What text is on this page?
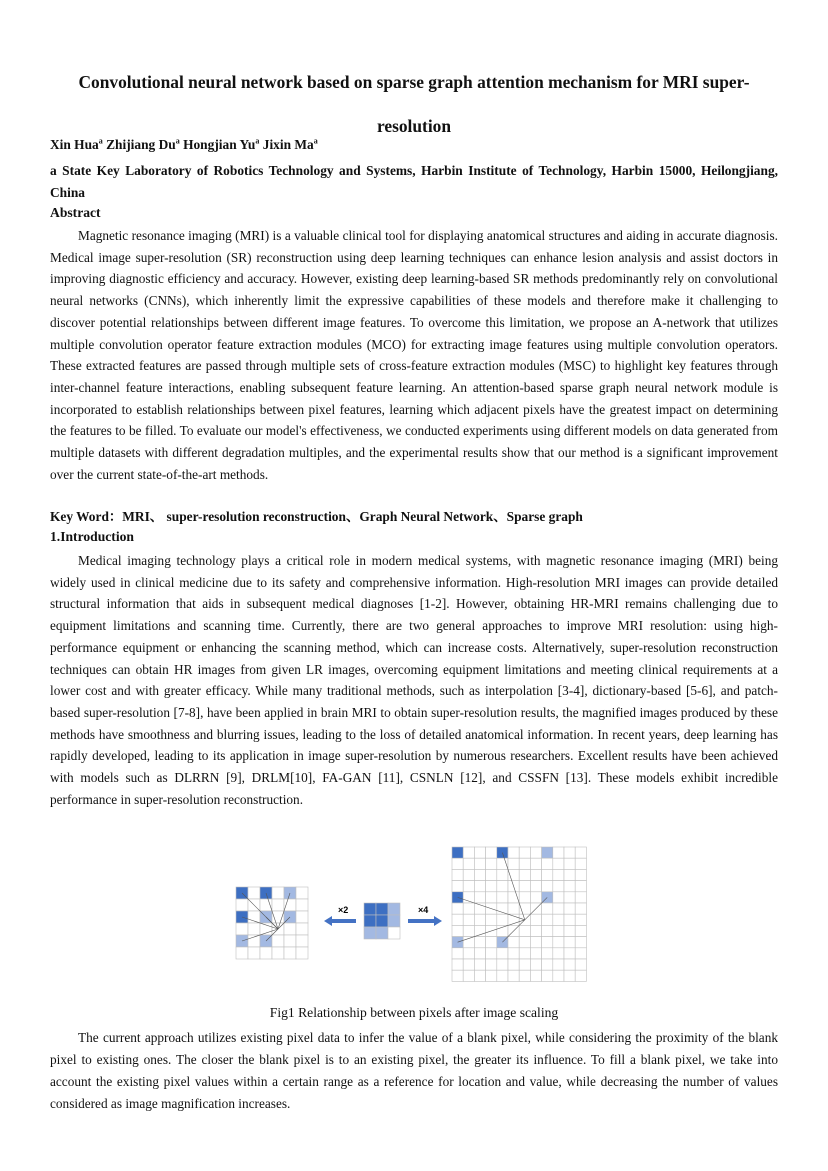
Convolutional neural network based on sparse graph attention mechanism for MRI super-resolution
Xin Hua$^a$ Zhijiang Du$^a$ Hongjian Yu$^a$ Jixin Ma$^a$
a State Key Laboratory of Robotics Technology and Systems, Harbin Institute of Technology, Harbin 15000, Heilongjiang, China
Abstract
Magnetic resonance imaging (MRI) is a valuable clinical tool for displaying anatomical structures and aiding in accurate diagnosis. Medical image super-resolution (SR) reconstruction using deep learning techniques can enhance lesion analysis and assist doctors in improving diagnostic efficiency and accuracy. However, existing deep learning-based SR methods predominantly rely on convolutional neural networks (CNNs), which inherently limit the expressive capabilities of these models and therefore make it challenging to discover potential relationships between different image features. To overcome this limitation, we propose an A-network that utilizes multiple convolution operator feature extraction modules (MCO) for extracting image features using multiple convolution operators. These extracted features are passed through multiple sets of cross-feature extraction modules (MSC) to highlight key features through inter-channel feature interactions, enabling subsequent feature learning. An attention-based sparse graph neural network module is incorporated to establish relationships between pixel features, learning which adjacent pixels have the greatest impact on determining the features to be filled. To evaluate our model's effectiveness, we conducted experiments using different models on data generated from multiple datasets with different degradation multiples, and the experimental results show that our method is a significant improvement over the current state-of-the-art methods.
Key Word：MRI、 super-resolution reconstruction、Graph Neural Network、Sparse graph
1.Introduction
Medical imaging technology plays a critical role in modern medical systems, with magnetic resonance imaging (MRI) being widely used in clinical medicine due to its safety and comprehensive information. High-resolution MRI images can provide detailed structural information that aids in subsequent medical diagnoses [1-2]. However, obtaining HR-MRI remains challenging due to equipment limitations and scanning time. Currently, there are two general approaches to improve MRI resolution: using high-performance equipment or enhancing the scanning method, which can increase costs. Alternatively, super-resolution reconstruction techniques can obtain HR images from given LR images, overcoming equipment limitations and meeting clinical requirements at a lower cost and with greater efficacy. While many traditional methods, such as interpolation [3-4], dictionary-based [5-6], and patch-based super-resolution [7-8], have been applied in brain MRI to obtain super-resolution results, the magnified images produced by these methods have smoothness and blurring issues, leading to the loss of detailed anatomical information. In recent years, deep learning has rapidly developed, leading to its application in image super-resolution by numerous researchers. Excellent results have been achieved with models such as DLRRN [9], DRLM[10], FA-GAN [11], CSNLN [12], and CSSFN [13]. These models exhibit incredible performance in super-resolution reconstruction.
×2	×4
Fig1 Relationship between pixels after image scaling
The current approach utilizes existing pixel data to infer the value of a blank pixel, while considering the proximity of the blank pixel to existing ones. The closer the blank pixel is to an existing pixel, the greater its influence. To fill a blank pixel, we take into account the existing pixel values within a certain range as a reference for location and value, while decreasing the number of values considered as image magnification increases.
